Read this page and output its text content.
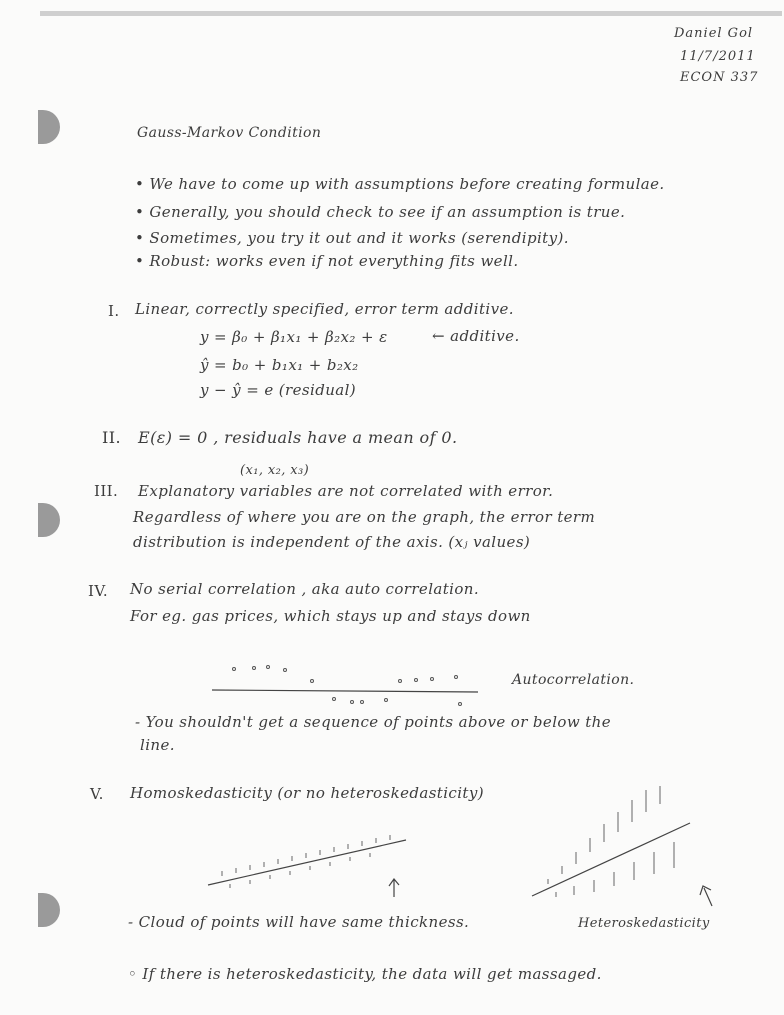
Daniel Gol
11/7/2011
ECON 337
Gauss-Markov Condition
• We have to come up with assumptions before creating formulae.
• Generally, you should check to see if an assumption is true.
• Sometimes, you try it out and it works (serendipity).
• Robust: works even if not everything fits well.
I. Linear, correctly specified, error term additive.
y = β₀ + β₁x₁ + β₂x₂ + ε	← additive.
ŷ = b₀ + b₁x₁ + b₂x₂
y − ŷ = e (residual)
II. E(ε) = 0 , residuals have a mean of 0.
(x₁, x₂, x₃)
III. Explanatory variables are not correlated with error.
Regardless of where you are on the graph, the error term
distribution is independent of the axis. (xⱼ values)
IV. No serial correlation , aka auto correlation.
For eg. gas prices, which stays up and stays down
Autocorrelation.
- You shouldn't get a sequence of points above or below the
line.
V. Homoskedasticity (or no heteroskedasticity)
- Cloud of points will have same thickness.	Heteroskedasticity
◦ If there is heteroskedasticity, the data will get massaged.
